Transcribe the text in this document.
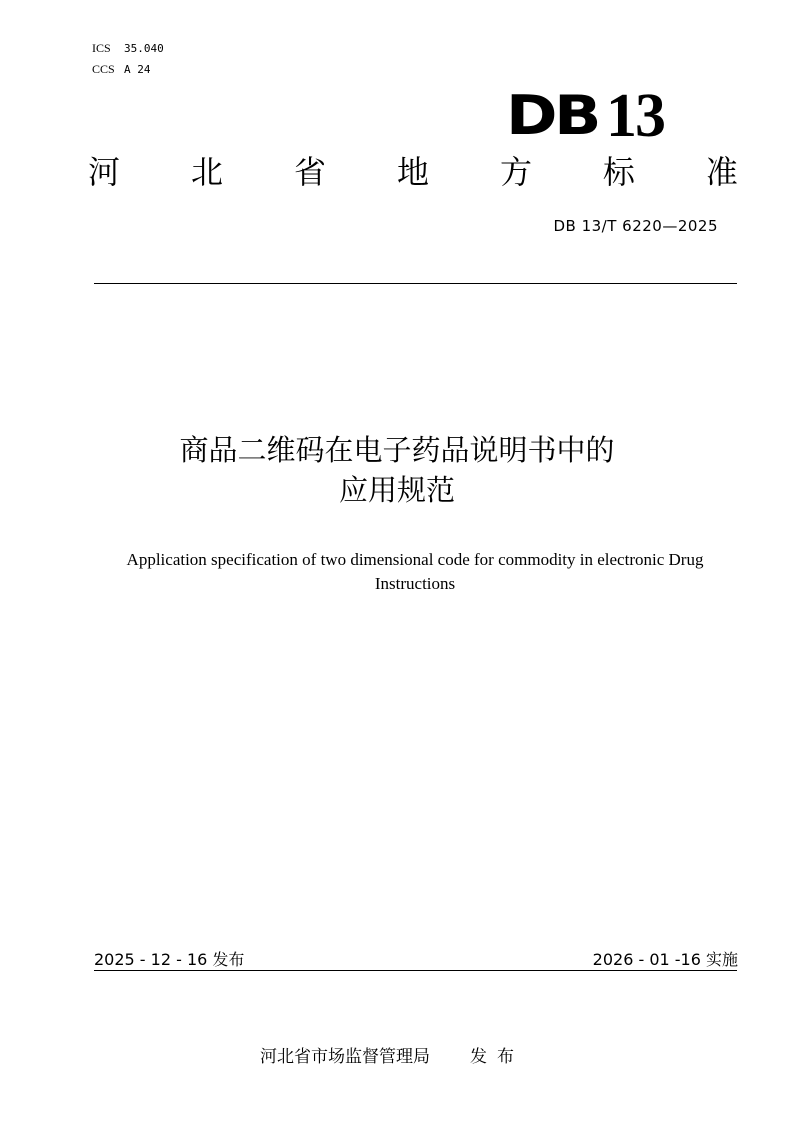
ICS 35.040
CCS A 24
DB 13
河 北 省 地 方 标 准
DB 13/T 6220—2025
商品二维码在电子药品说明书中的
应用规范
Application specification of two dimensional code for commodity in electronic Drug Instructions
2025 - 12 - 16 发布	2026 - 01 -16 实施
河北省市场监督管理局 发布
